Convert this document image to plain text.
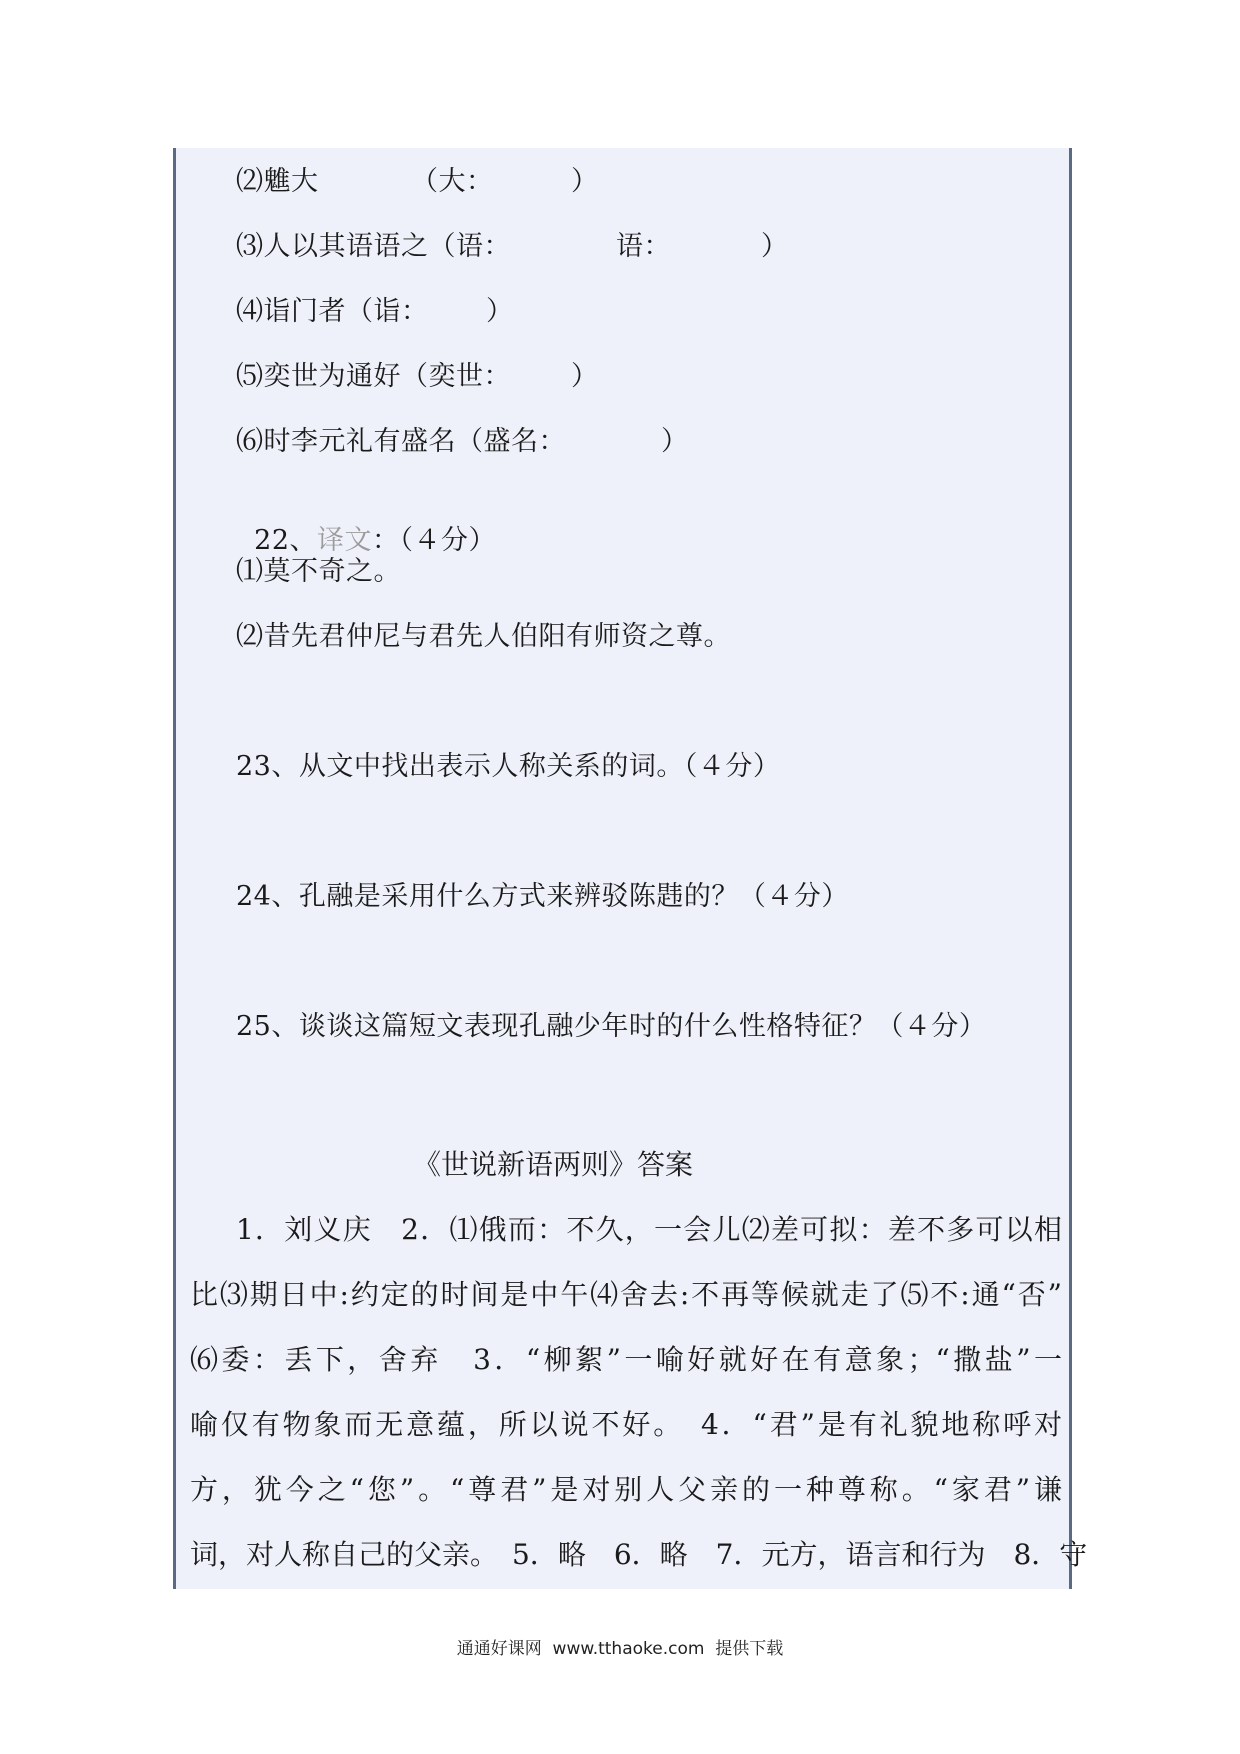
⑵魋大

	（大：

	）

⑶人以其语语之（语：

	语：

	）

⑷诣门者（诣：

）

⑸奕世为通好（奕世：

）

⑹时李元礼有盛名（盛名：

	）

22、译文：（４分）

⑴莫不奇之。
⑵昔先君仲尼与君先人伯阳有师资之尊。
23、从文中找出表示人称关系的词。（４分）
24、孔融是采用什么方式来辨驳陈韪的？（４分）
25、谈谈这篇短文表现孔融少年时的什么性格特征？（４分）
《世说新语两则》答案
1．刘义庆　2．⑴俄而：不久，一会儿⑵差可拟：差不多可以相
比⑶期日中:约定的时间是中午⑷舍去:不再等候就走了⑸不:通“否”
⑹委：丢下，舍弃　3．“柳絮”一喻好就好在有意象；“撒盐”一
喻仅有物象而无意蕴，所以说不好。　4．“君”是有礼貌地称呼对
方，犹今之“您”。“尊君”是对别人父亲的一种尊称。“家君”谦
词，对人称自己的父亲。　5．略　6．略　7．元方，语言和行为　8．守
通通好课网  www.tthaoke.com  提供下载
